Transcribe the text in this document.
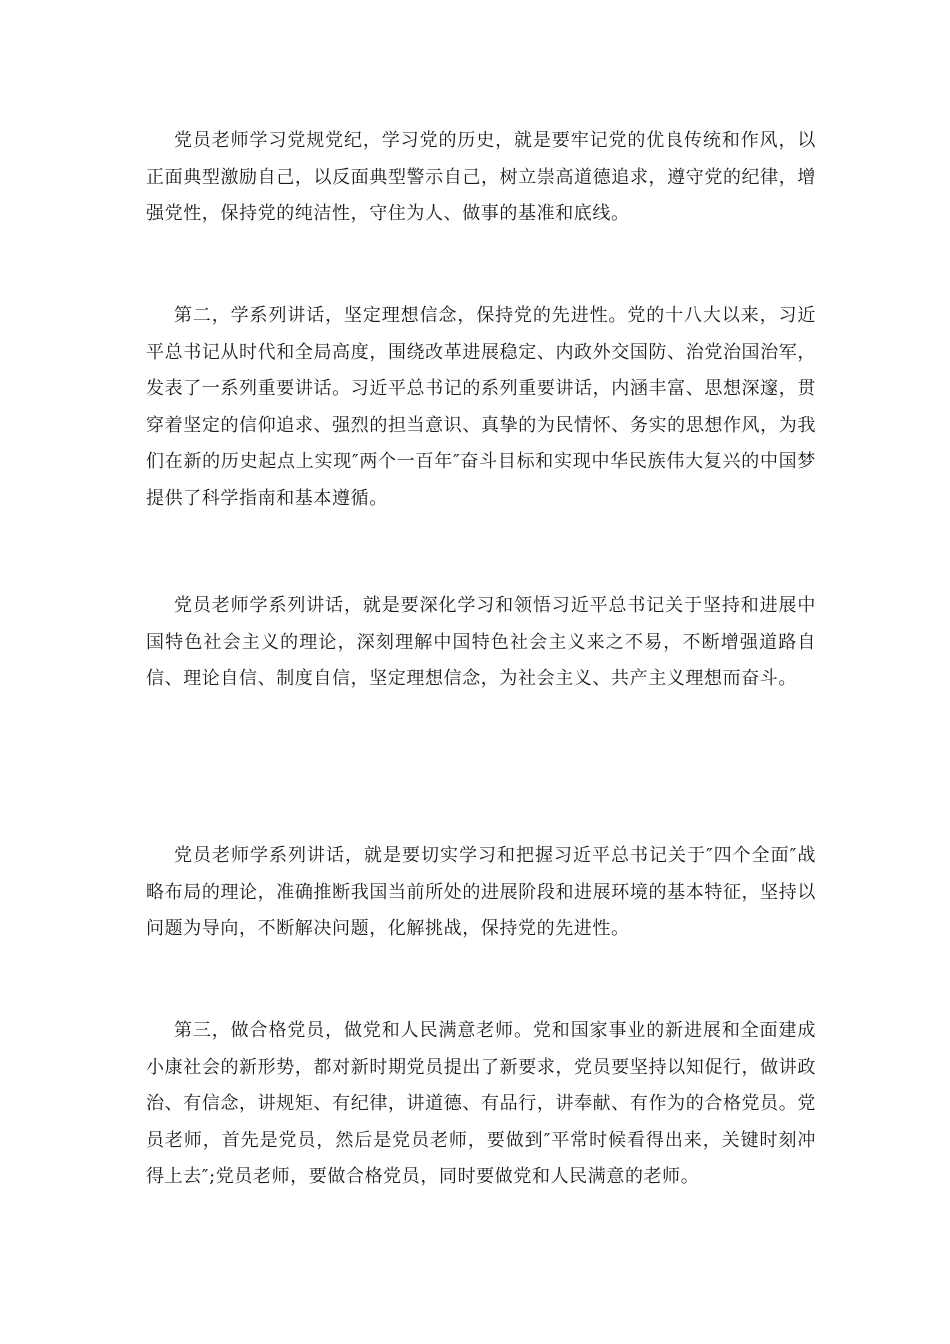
党员老师学习党规党纪，学习党的历史，就是要牢记党的优良传统和作风，以正面典型激励自己，以反面典型警示自己，树立崇高道德追求，遵守党的纪律，增强党性，保持党的纯洁性，守住为人、做事的基准和底线。

第二，学系列讲话，坚定理想信念，保持党的先进性。党的十八大以来，习近平总书记从时代和全局高度，围绕改革进展稳定、内政外交国防、治党治国治军，发表了一系列重要讲话。习近平总书记的系列重要讲话，内涵丰富、思想深邃，贯穿着坚定的信仰追求、强烈的担当意识、真挚的为民情怀、务实的思想作风，为我们在新的历史起点上实现″两个一百年″奋斗目标和实现中华民族伟大复兴的中国梦提供了科学指南和基本遵循。

党员老师学系列讲话，就是要深化学习和领悟习近平总书记关于坚持和进展中国特色社会主义的理论，深刻理解中国特色社会主义来之不易，不断增强道路自信、理论自信、制度自信，坚定理想信念，为社会主义、共产主义理想而奋斗。

党员老师学系列讲话，就是要切实学习和把握习近平总书记关于″四个全面″战略布局的理论，准确推断我国当前所处的进展阶段和进展环境的基本特征，坚持以问题为导向，不断解决问题，化解挑战，保持党的先进性。

第三，做合格党员，做党和人民满意老师。党和国家事业的新进展和全面建成小康社会的新形势，都对新时期党员提出了新要求，党员要坚持以知促行，做讲政治、有信念，讲规矩、有纪律，讲道德、有品行，讲奉献、有作为的合格党员。党员老师，首先是党员，然后是党员老师，要做到″平常时候看得出来，关键时刻冲得上去″;党员老师，要做合格党员，同时要做党和人民满意的老师。
